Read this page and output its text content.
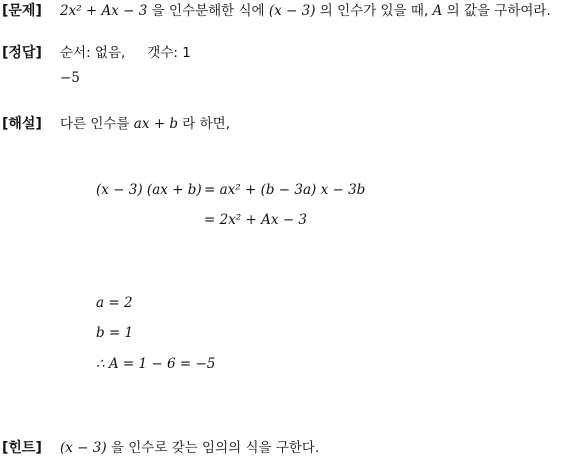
[문제] 2x² + Ax − 3 을 인수분해한 식에 (x − 3) 의 인수가 있을 때, A 의 값을 구하여라.
[정답] 순서: 없음, 갯수: 1
−5
[해설] 다른 인수를 ax + b 라 하면,
(x − 3) (ax + b) = ax² + (b − 3a) x − 3b
= 2x² + Ax − 3
a = 2
b = 1
∴ A = 1 − 6 = −5
[힌트] (x − 3) 을 인수로 갖는 임의의 식을 구한다.
